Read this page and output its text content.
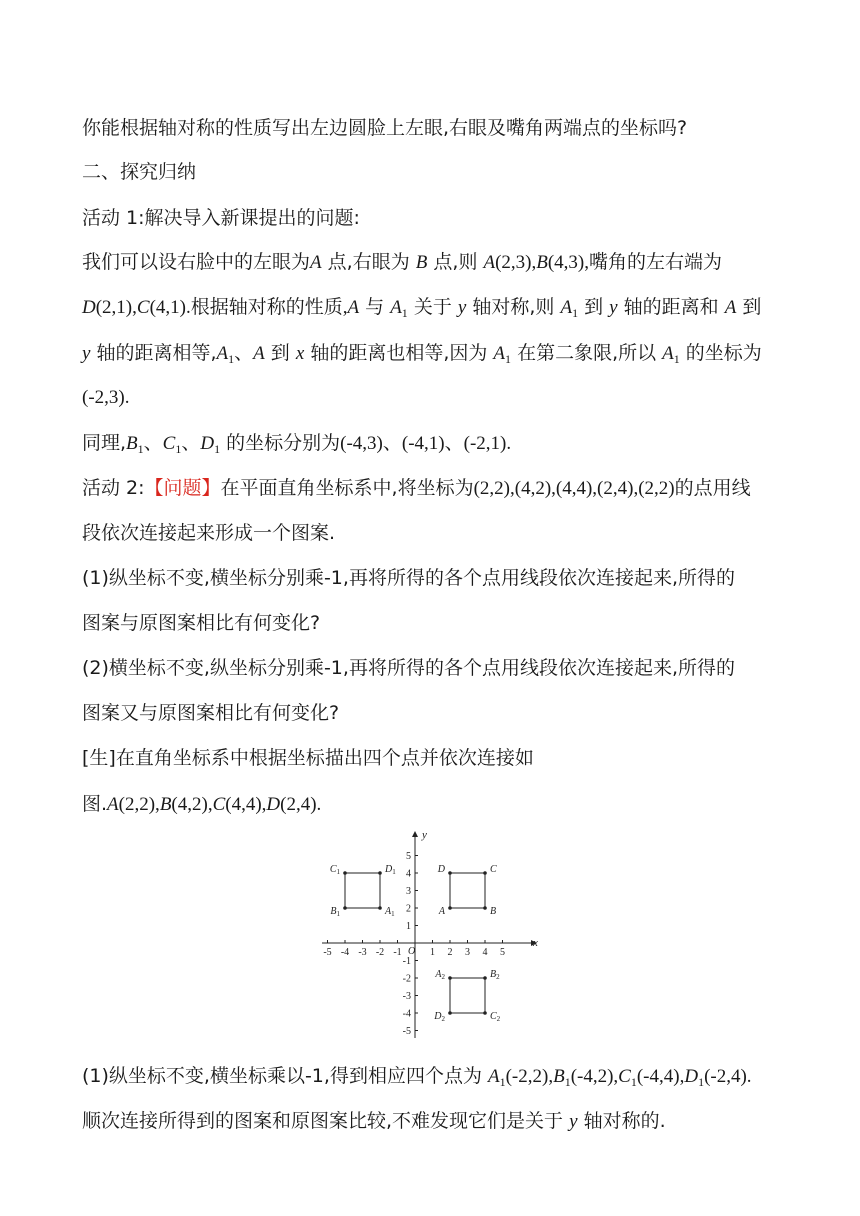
你能根据轴对称的性质写出左边圆脸上左眼,右眼及嘴角两端点的坐标吗?
二、探究归纳
活动 1:解决导入新课提出的问题:
我们可以设右脸中的左眼为A 点,右眼为 B 点,则 A(2,3),B(4,3),嘴角的左右端为
D(2,1),C(4,1).根据轴对称的性质,A 与 $A_1$ 关于 y 轴对称,则 $A_1$ 到 y 轴的距离和 A 到
y 轴的距离相等$,A_1$、A 到 x 轴的距离也相等,因为 $A_1$ 在第二象限,所以 $A_1$ 的坐标为
(-2,3).
同理$,B_1$、$C_1$、$D_1$ 的坐标分别为(-4,3)、(-4,1)、(-2,1).
活动 2:【问题】在平面直角坐标系中,将坐标为(2,2),(4,2),(4,4),(2,4),(2,2)的点用线
段依次连接起来形成一个图案.
(1)纵坐标不变,横坐标分别乘-1,再将所得的各个点用线段依次连接起来,所得的
图案与原图案相比有何变化?
(2)横坐标不变,纵坐标分别乘-1,再将所得的各个点用线段依次连接起来,所得的
图案又与原图案相比有何变化?
[生]在直角坐标系中根据坐标描出四个点并依次连接如
图.A(2,2),B(4,2),C(4,4),D(2,4).
x
y
O
-5 -4 -3 -2 -1	1 2 3 4 5
5
4
3
2
1
-1
-2
-3
-4
-5
A	B
C
D
$A_1$
$B_1$
$C_1$	$D_1$
$A_2$	$B_2$
$C_2$
$D_2$
(1)纵坐标不变,横坐标乘以-1,得到相应四个点为 $A_1(-2,2),B_1(-4,2),C_1(-4,4),D_1(-2,4)$.
顺次连接所得到的图案和原图案比较,不难发现它们是关于 y 轴对称的.
